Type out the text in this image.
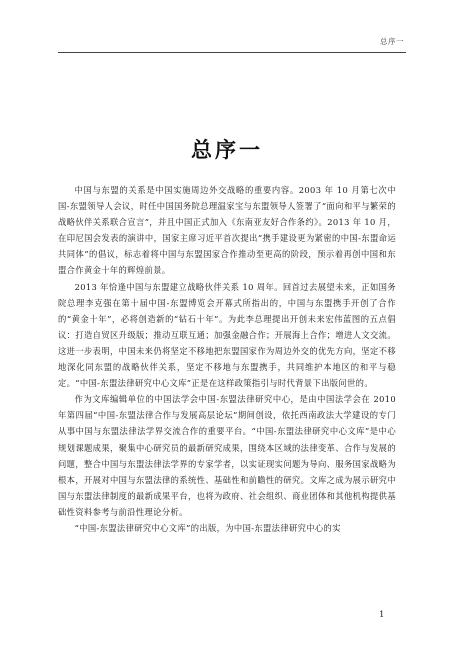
总序一
总序一

中国与东盟的关系是中国实施周边外交战略的重要内容。2003 年 10 月第七次中国-东盟领导人会议，时任中国国务院总理温家宝与东盟领导人签署了“面向和平与繁荣的战略伙伴关系联合宣言”，并且中国正式加入《东南亚友好合作条约》。2013 年 10 月，在印尼国会发表的演讲中，国家主席习近平首次提出“携手建设更为紧密的中国-东盟命运共同体”的倡议，标志着将中国与东盟国家合作推动至更高的阶段，预示着再创中国和东盟合作黄金十年的辉煌前景。

2013 年恰逢中国与东盟建立战略伙伴关系 10 周年。回首过去展望未来，正如国务院总理李克强在第十届中国-东盟博览会开幕式所指出的，中国与东盟携手开创了合作的“黄金十年”，必将创造新的“钻石十年”。为此李总理提出开创未来宏伟蓝图的五点倡议：打造自贸区升级版；推动互联互通；加强金融合作；开展海上合作；增进人文交流。这进一步表明，中国未来仍将坚定不移地把东盟国家作为周边外交的优先方向，坚定不移地深化同东盟的战略伙伴关系，坚定不移地与东盟携手，共同维护本地区的和平与稳定。“中国-东盟法律研究中心文库”正是在这样政策指引与时代背景下出版问世的。

作为文库编辑单位的中国法学会中国-东盟法律研究中心，是由中国法学会在 2010 年第四届“中国-东盟法律合作与发展高层论坛”期间创设，依托西南政法大学建设的专门从事中国与东盟法律法学界交流合作的重要平台。“中国-东盟法律研究中心文库”是中心规划课题成果，聚集中心研究员的最新研究成果，围绕本区域的法律变革、合作与发展的问题，整合中国与东盟法律法学界的专家学者，以实证现实问题为导向、服务国家战略为根本，开展对中国与东盟法律的系统性、基础性和前瞻性的研究。文库之成为展示研究中国与东盟法律制度的最新成果平台，也将为政府、社会组织、商业团体和其他机构提供基础性资料参考与前沿性理论分析。

“中国-东盟法律研究中心文库”的出版，为中国-东盟法律研究中心的实

1
